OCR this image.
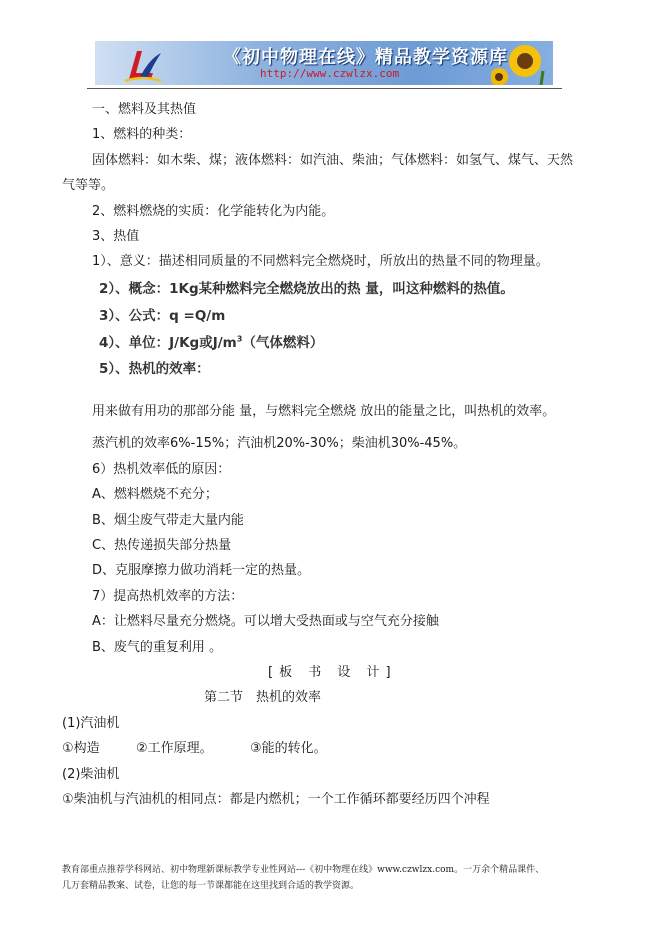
《初中物理在线》精品教学资源库
http://www.czwlzx.com
一、燃料及其热值
1、燃料的种类：
固体燃料：如木柴、煤；液体燃料：如汽油、柴油；气体燃料：如氢气、煤气、天然
气等等。
2、燃料燃烧的实质：化学能转化为内能。
3、热值
1）、意义：描述相同质量的不同燃料完全燃烧时，所放出的热量不同的物理量。
2）、概念：1Kg某种燃料完全燃烧放出的热 量，叫这种燃料的热值。
3）、公式：q =Q/m
4）、单位：J/Kg或$J/m^3$（气体燃料）
5）、热机的效率：
用来做有用功的那部分能 量，与燃料完全燃烧 放出的能量之比，叫热机的效率。
蒸汽机的效率6%-15%；汽油机20%-30%；柴油机30%-45%。
6）热机效率低的原因：
A、燃料燃烧不充分；
B、烟尘废气带走大量内能
C、热传递损失部分热量
D、克服摩擦力做功消耗一定的热量。
7）提高热机效率的方法：
A：让燃料尽量充分燃烧。可以增大受热面或与空气充分接触
B、废气的重复利用 。
[板 书 设 计]
第二节　热机的效率
(1)汽油机
①构造	②工作原理。	③能的转化。
(2)柴油机
①柴油机与汽油机的相同点：都是内燃机；一个工作循环都要经历四个冲程
教育部重点推荐学科网站、初中物理新课标教学专业性网站---《初中物理在线》www.czwlzx.com。一万余个精品课件、
几万套精品教案、试卷，让您的每一节课都能在这里找到合适的教学资源。
